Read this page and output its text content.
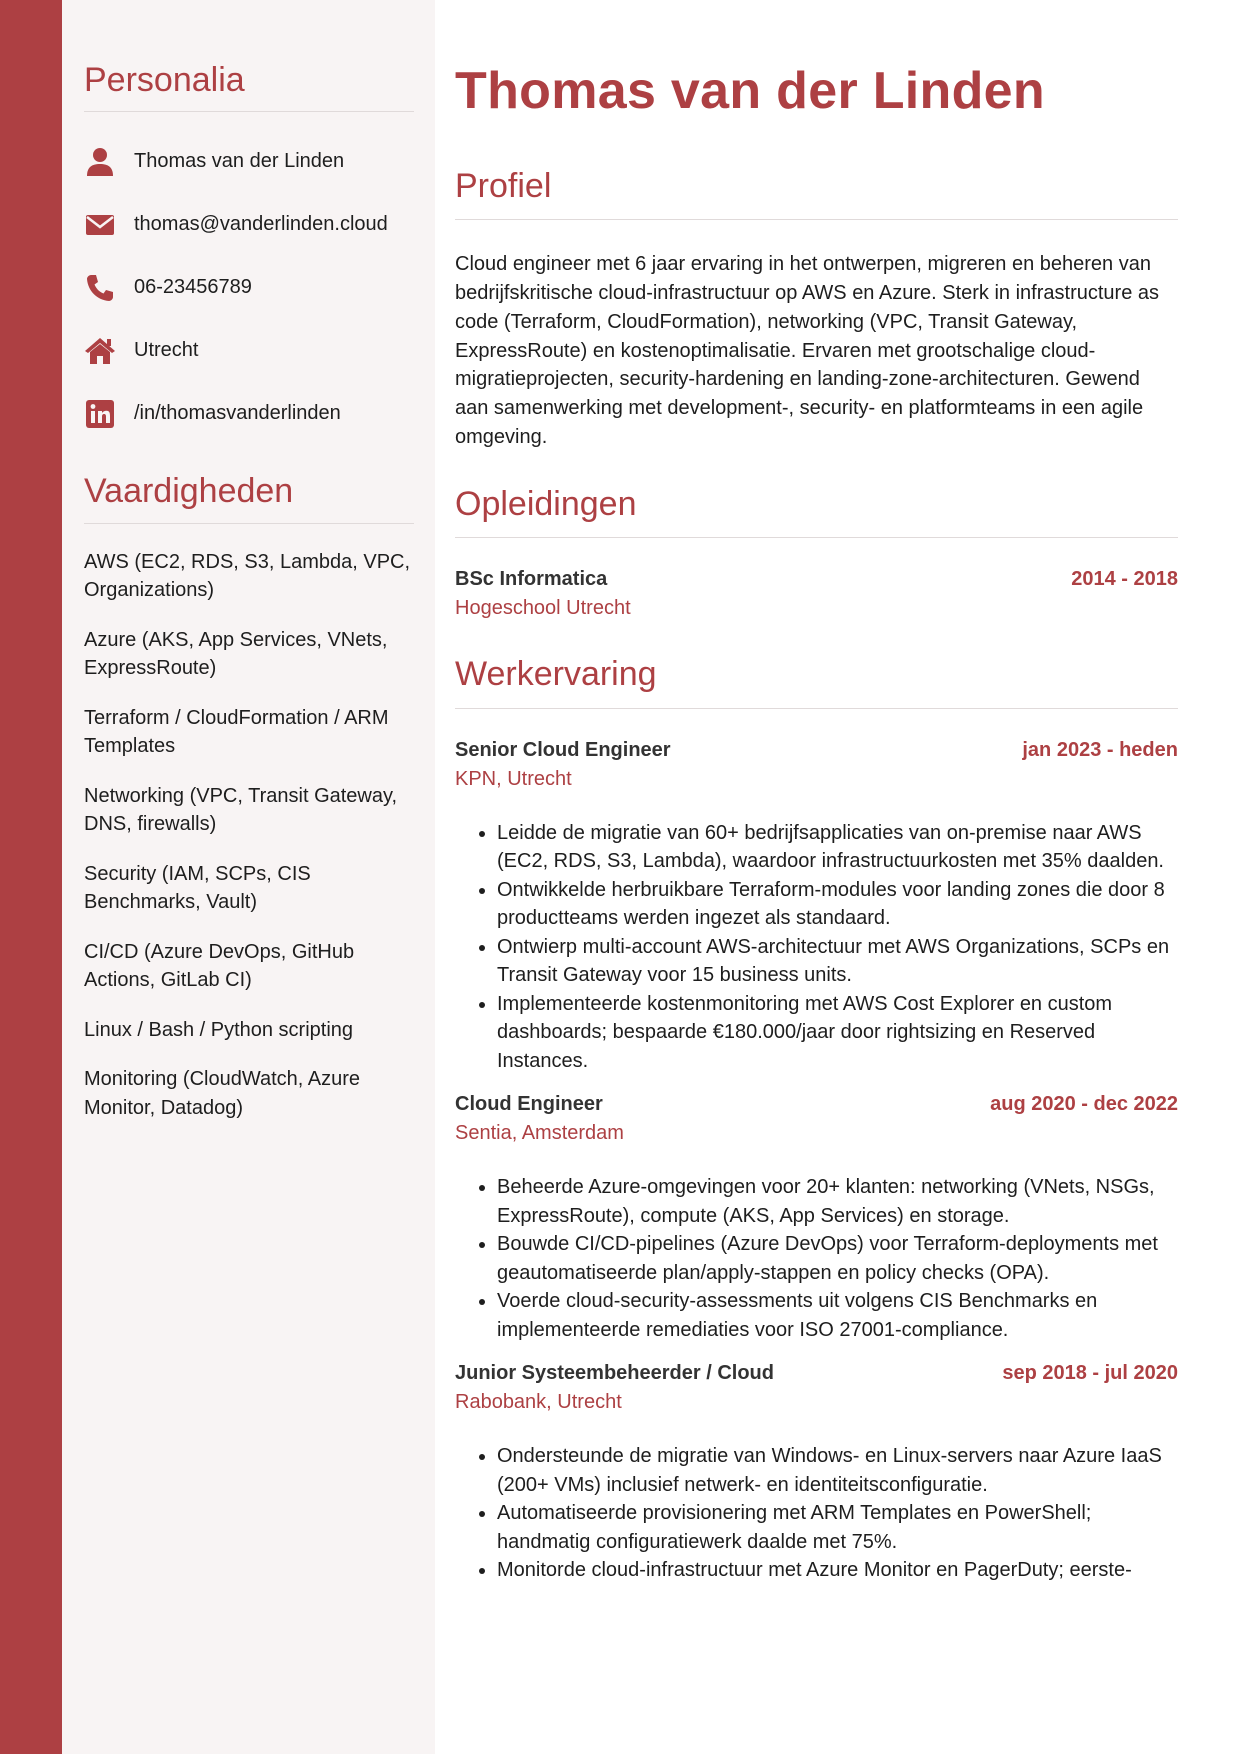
Personalia
Thomas van der Linden
thomas@vanderlinden.cloud
06-23456789
Utrecht
/in/thomasvanderlinden
Vaardigheden
AWS (EC2, RDS, S3, Lambda, VPC, Organizations)
Azure (AKS, App Services, VNets, ExpressRoute)
Terraform / CloudFormation / ARM Templates
Networking (VPC, Transit Gateway, DNS, firewalls)
Security (IAM, SCPs, CIS Benchmarks, Vault)
CI/CD (Azure DevOps, GitHub Actions, GitLab CI)
Linux / Bash / Python scripting
Monitoring (CloudWatch, Azure Monitor, Datadog)
Thomas van der Linden
Profiel

Cloud engineer met 6 jaar ervaring in het ontwerpen, migreren en beheren van bedrijfskritische cloud-infrastructuur op AWS en Azure. Sterk in infrastructure as code (Terraform, CloudFormation), networking (VPC, Transit Gateway, ExpressRoute) en kostenoptimalisatie. Ervaren met grootschalige cloud-migratieprojecten, security-hardening en landing-zone-architecturen. Gewend aan samenwerking met development-, security- en platformteams in een agile omgeving.

Opleidingen
BSc Informatica	2014 - 2018
Hogeschool Utrecht
Werkervaring
Senior Cloud Engineer	jan 2023 - heden
KPN, Utrecht
• Leidde de migratie van 60+ bedrijfsapplicaties van on-premise naar AWS (EC2, RDS, S3, Lambda), waardoor infrastructuurkosten met 35% daalden.
• Ontwikkelde herbruikbare Terraform-modules voor landing zones die door 8 productteams werden ingezet als standaard.
• Ontwierp multi-account AWS-architectuur met AWS Organizations, SCPs en Transit Gateway voor 15 business units.
• Implementeerde kostenmonitoring met AWS Cost Explorer en custom dashboards; bespaarde €180.000/jaar door rightsizing en Reserved Instances.
Cloud Engineer	aug 2020 - dec 2022
Sentia, Amsterdam
• Beheerde Azure-omgevingen voor 20+ klanten: networking (VNets, NSGs, ExpressRoute), compute (AKS, App Services) en storage.
• Bouwde CI/CD-pipelines (Azure DevOps) voor Terraform-deployments met geautomatiseerde plan/apply-stappen en policy checks (OPA).
• Voerde cloud-security-assessments uit volgens CIS Benchmarks en implementeerde remediaties voor ISO 27001-compliance.
Junior Systeembeheerder / Cloud	sep 2018 - jul 2020
Rabobank, Utrecht
• Ondersteunde de migratie van Windows- en Linux-servers naar Azure IaaS (200+ VMs) inclusief netwerk- en identiteitsconfiguratie.
• Automatiseerde provisionering met ARM Templates en PowerShell; handmatig configuratiewerk daalde met 75%.
• Monitorde cloud-infrastructuur met Azure Monitor en PagerDuty; eerste-
